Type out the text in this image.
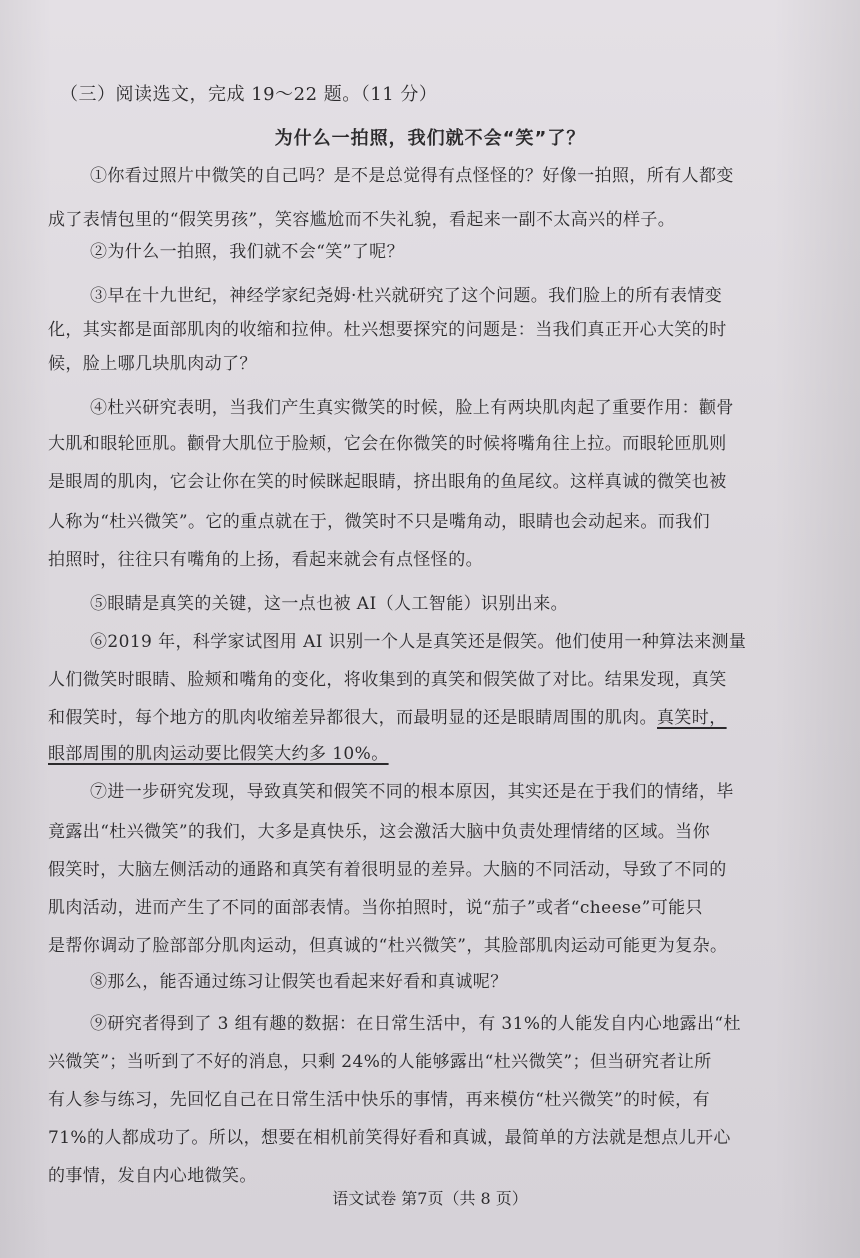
（三）阅读选文，完成 19～22 题。（11 分）
为什么一拍照，我们就不会“笑”了？
①你看过照片中微笑的自己吗？是不是总觉得有点怪怪的？好像一拍照，所有人都变
成了表情包里的“假笑男孩”，笑容尴尬而不失礼貌，看起来一副不太高兴的样子。
②为什么一拍照，我们就不会“笑”了呢？
③早在十九世纪，神经学家纪尧姆·杜兴就研究了这个问题。我们脸上的所有表情变
化，其实都是面部肌肉的收缩和拉伸。杜兴想要探究的问题是：当我们真正开心大笑的时
候，脸上哪几块肌肉动了？
④杜兴研究表明，当我们产生真实微笑的时候，脸上有两块肌肉起了重要作用：颧骨
大肌和眼轮匝肌。颧骨大肌位于脸颊，它会在你微笑的时候将嘴角往上拉。而眼轮匝肌则
是眼周的肌肉，它会让你在笑的时候眯起眼睛，挤出眼角的鱼尾纹。这样真诚的微笑也被
人称为“杜兴微笑”。它的重点就在于，微笑时不只是嘴角动，眼睛也会动起来。而我们
拍照时，往往只有嘴角的上扬，看起来就会有点怪怪的。
⑤眼睛是真笑的关键，这一点也被 AI（人工智能）识别出来。
⑥2019 年，科学家试图用 AI 识别一个人是真笑还是假笑。他们使用一种算法来测量
人们微笑时眼睛、脸颊和嘴角的变化，将收集到的真笑和假笑做了对比。结果发现，真笑
和假笑时，每个地方的肌肉收缩差异都很大，而最明显的还是眼睛周围的肌肉。真笑时，
眼部周围的肌肉运动要比假笑大约多 10%。
⑦进一步研究发现，导致真笑和假笑不同的根本原因，其实还是在于我们的情绪，毕
竟露出“杜兴微笑”的我们，大多是真快乐，这会激活大脑中负责处理情绪的区域。当你
假笑时，大脑左侧活动的通路和真笑有着很明显的差异。大脑的不同活动，导致了不同的
肌肉活动，进而产生了不同的面部表情。当你拍照时，说“茄子”或者“cheese”可能只
是帮你调动了脸部部分肌肉运动，但真诚的“杜兴微笑”，其脸部肌肉运动可能更为复杂。
⑧那么，能否通过练习让假笑也看起来好看和真诚呢？
⑨研究者得到了 3 组有趣的数据：在日常生活中，有 31%的人能发自内心地露出“杜
兴微笑”；当听到了不好的消息，只剩 24%的人能够露出“杜兴微笑”；但当研究者让所
有人参与练习，先回忆自己在日常生活中快乐的事情，再来模仿“杜兴微笑”的时候，有
71%的人都成功了。所以，想要在相机前笑得好看和真诚，最简单的方法就是想点儿开心
的事情，发自内心地微笑。
语文试卷 第7页（共 8 页）
